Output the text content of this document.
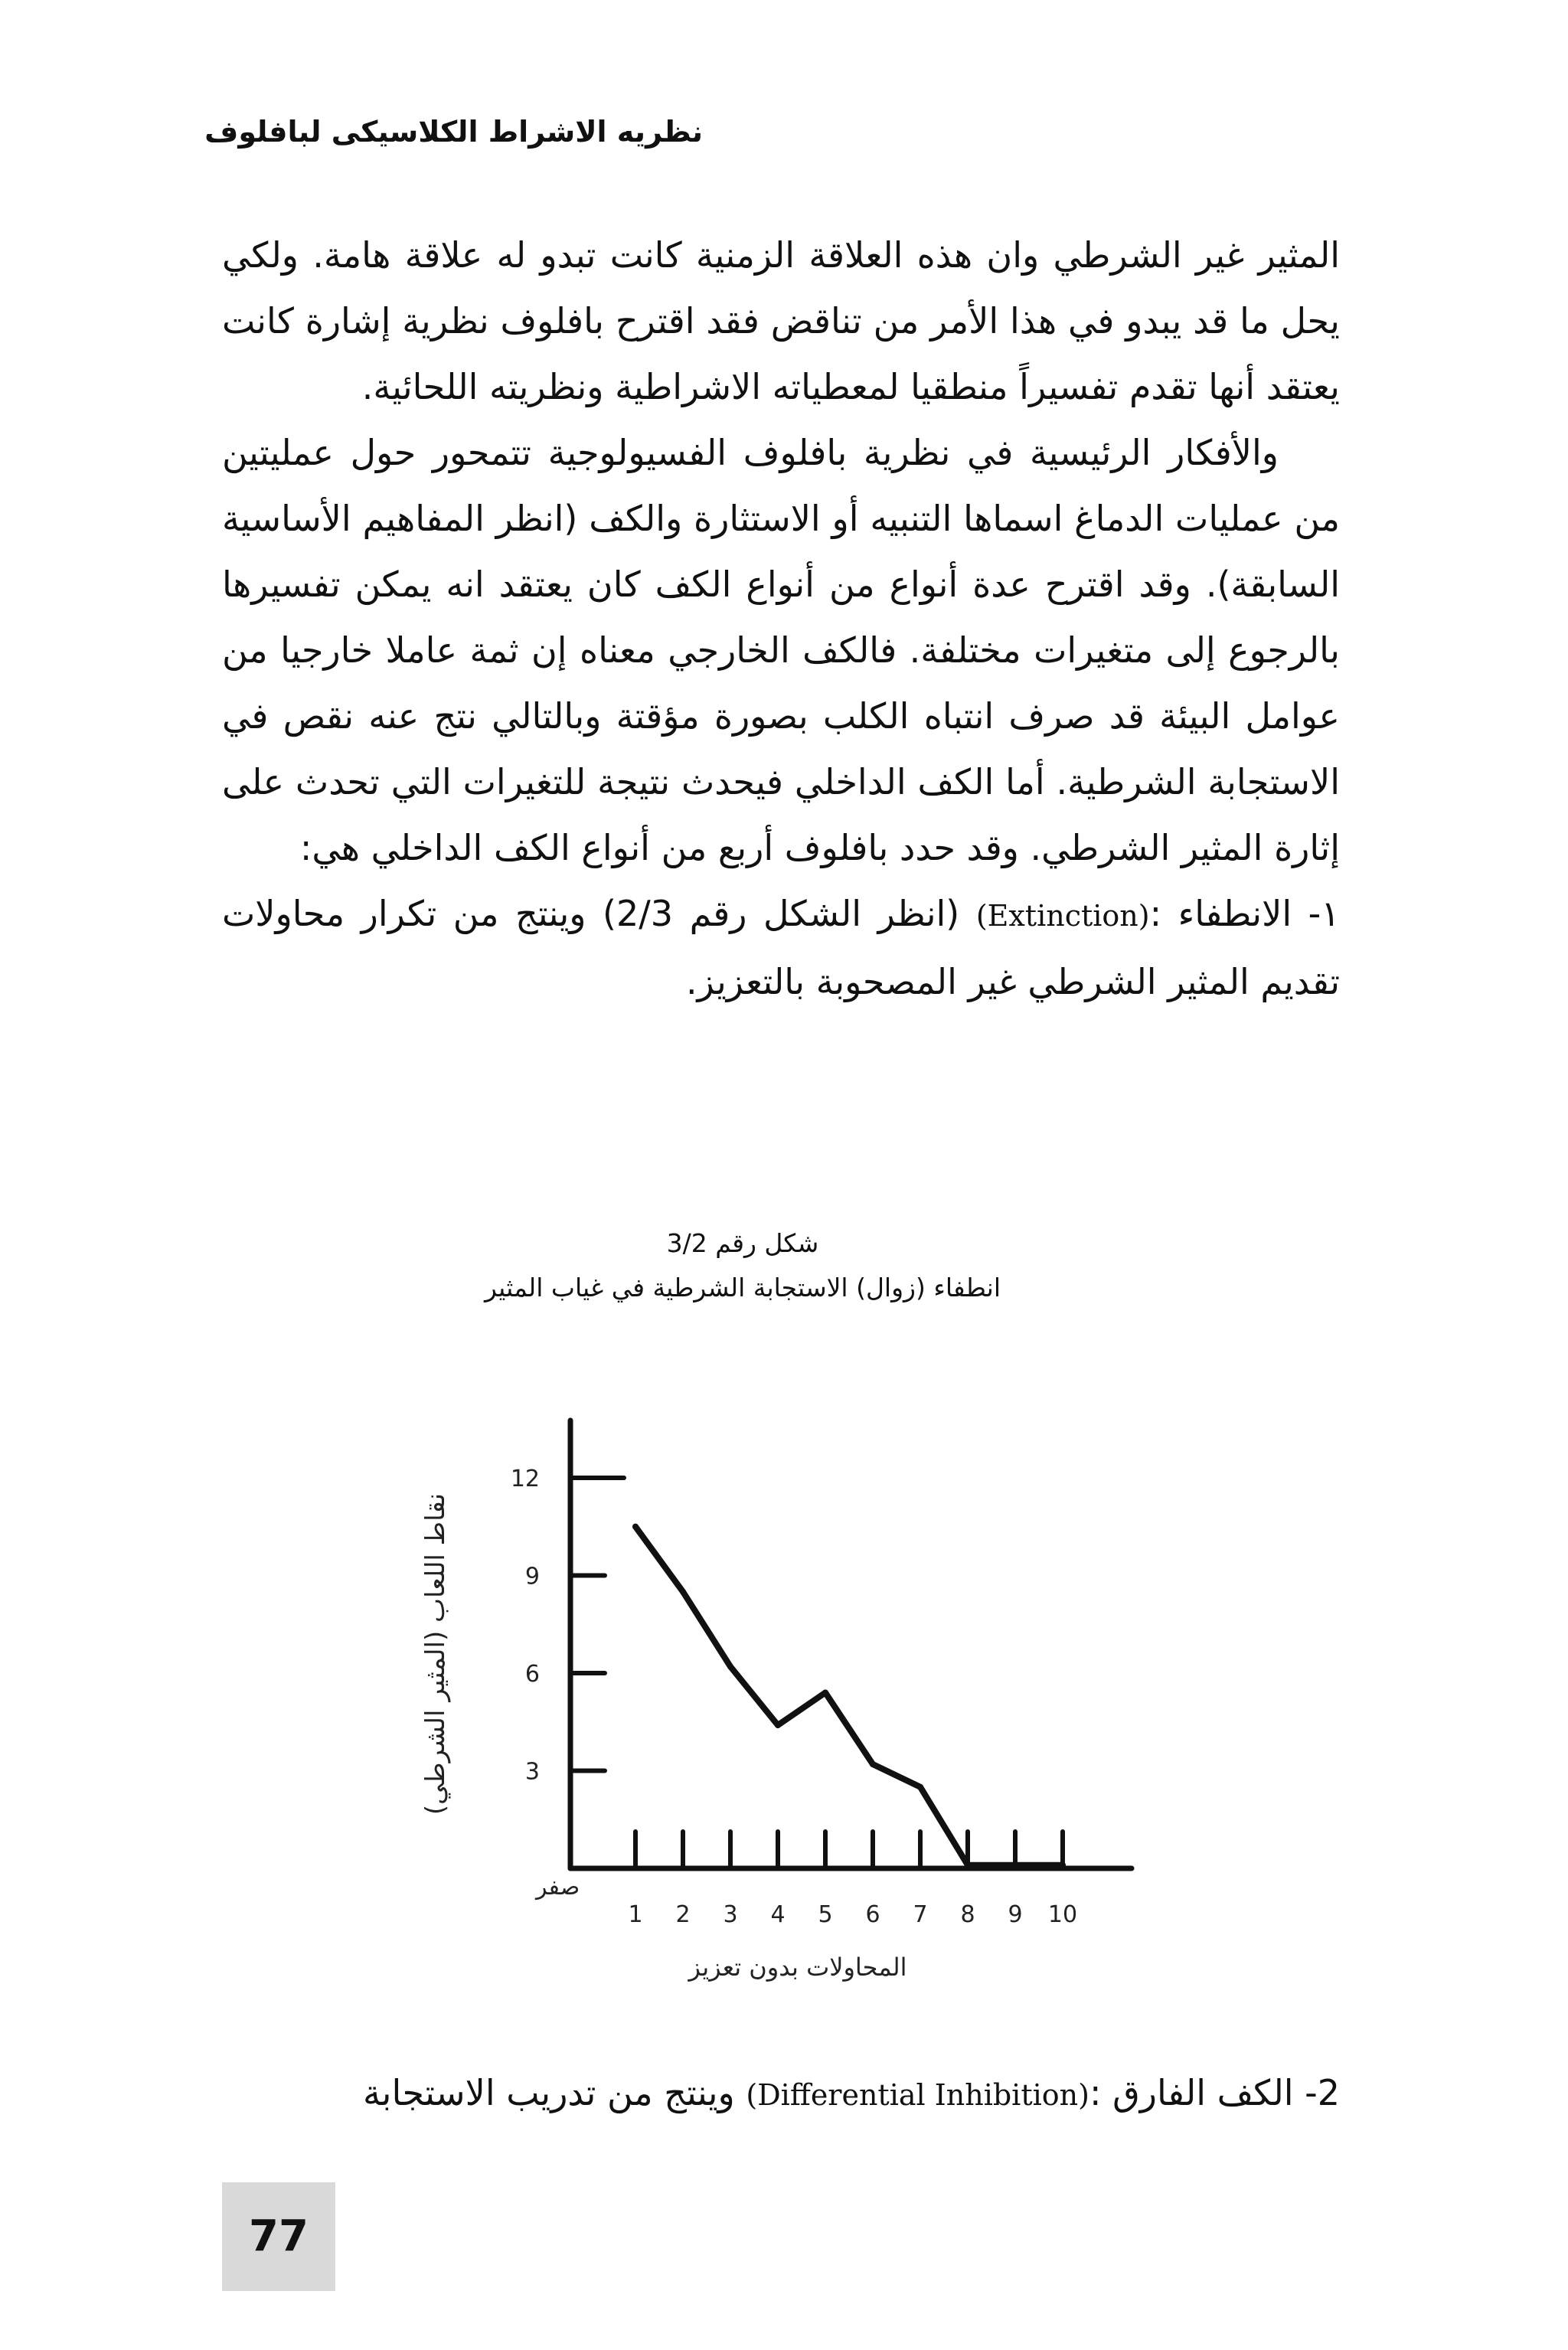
نظريه الاشراط الكلاسيكى لبافلوف

المثير غير الشرطي وان هذه العلاقة الزمنية كانت تبدو له علاقة هامة. ولكي يحل ما قد يبدو في هذا الأمر من تناقض فقد اقترح بافلوف نظرية إشارة كانت يعتقد أنها تقدم تفسيراً منطقيا لمعطياته الاشراطية ونظريته اللحائية.

والأفكار الرئيسية في نظرية بافلوف الفسيولوجية تتمحور حول عمليتين من عمليات الدماغ اسماها التنبيه أو الاستثارة والكف (انظر المفاهيم الأساسية السابقة). وقد اقترح عدة أنواع من أنواع الكف كان يعتقد انه يمكن تفسيرها بالرجوع إلى متغيرات مختلفة. فالكف الخارجي معناه إن ثمة عاملا خارجيا من عوامل البيئة قد صرف انتباه الكلب بصورة مؤقتة وبالتالي نتج عنه نقص في الاستجابة الشرطية. أما الكف الداخلي فيحدث نتيجة للتغيرات التي تحدث على إثارة المثير الشرطي. وقد حدد بافلوف أربع من أنواع الكف الداخلي هي:

١- الانطفاء :(Extinction) (انظر الشكل رقم 2/3) وينتج من تكرار محاولات تقديم المثير الشرطي غير المصحوبة بالتعزيز.

شكل رقم 3/2
انطفاء (زوال) الاستجابة الشرطية في غياب المثير
12
9
6
3
1 2 3 4 5 6 7 8 9 10
نقاط اللعاب (المثير الشرطي)
صفر
المحاولات بدون تعزيز
2- الكف الفارق :(Differential Inhibition) وينتج من تدريب الاستجابة
77
